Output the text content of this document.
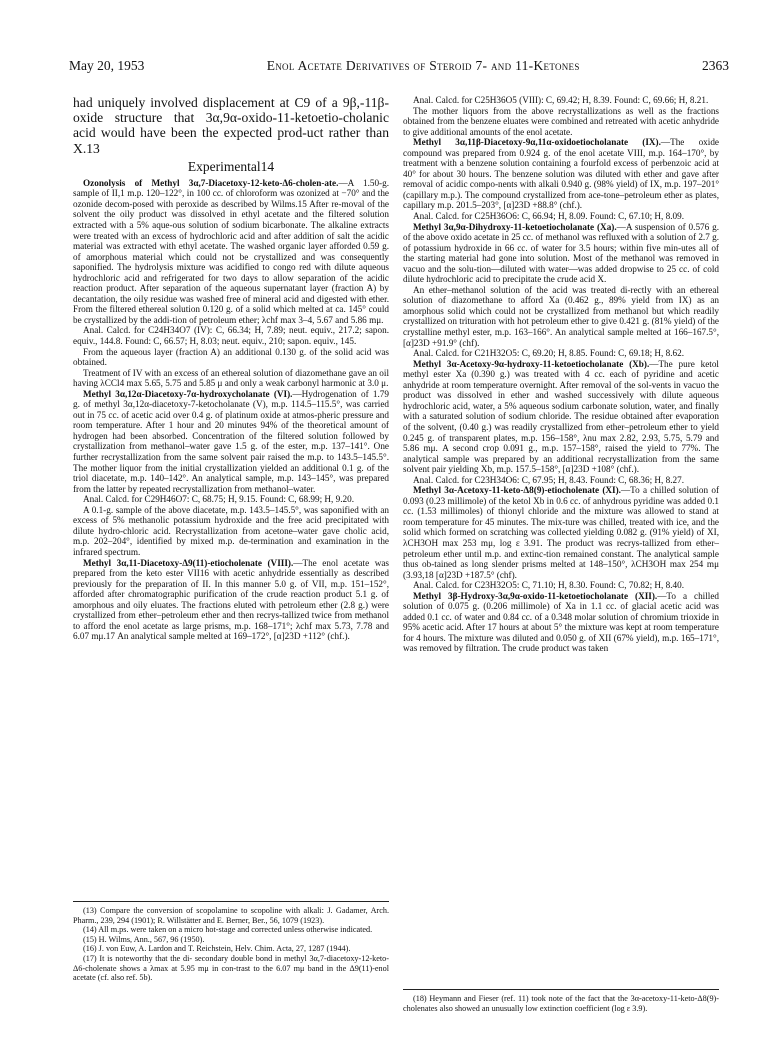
May 20, 1953	Enol Acetate Derivatives of Steroid 7- and 11-Ketones	2363

had uniquely involved displacement at C9 of a 9β,-11β-oxide structure that 3α,9α-oxido-11-ketoetio-cholanic acid would have been the expected prod-uct rather than X.13

Experimental14

Ozonolysis of Methyl 3α,7-Diacetoxy-12-keto-Δ6-cholen-ate.—A 1.50-g. sample of II,1 m.p. 120–122°, in 100 cc. of chloroform was ozonized at −70° and the ozonide decom-posed with peroxide as described by Wilms.15 After re-moval of the solvent the oily product was dissolved in ethyl acetate and the filtered solution extracted with a 5% aque-ous solution of sodium bicarbonate. The alkaline extracts were treated with an excess of hydrochloric acid and after addition of salt the acidic material was extracted with ethyl acetate. The washed organic layer afforded 0.59 g. of amorphous material which could not be crystallized and was consequently saponified. The hydrolysis mixture was acidified to congo red with dilute aqueous hydrochloric acid and refrigerated for two days to allow separation of the acidic reaction product. After separation of the aqueous supernatant layer (fraction A) by decantation, the oily residue was washed free of mineral acid and digested with ether. From the filtered ethereal solution 0.120 g. of a solid which melted at ca. 145° could be crystallized by the addi-tion of petroleum ether; λchf max 3–4, 5.67 and 5.86 mμ.

Anal. Calcd. for C24H34O7 (IV): C, 66.34; H, 7.89; neut. equiv., 217.2; sapon. equiv., 144.8. Found: C, 66.57; H, 8.03; neut. equiv., 210; sapon. equiv., 145.

From the aqueous layer (fraction A) an additional 0.130 g. of the solid acid was obtained.

Treatment of IV with an excess of an ethereal solution of diazomethane gave an oil having λCCl4 max 5.65, 5.75 and 5.85 μ and only a weak carbonyl harmonic at 3.0 μ.

Methyl 3α,12α-Diacetoxy-7α-hydroxycholanate (VI).—Hydrogenation of 1.79 g. of methyl 3α,12α-diacetoxy-7-ketocholanate (V), m.p. 114.5–115.5°, was carried out in 75 cc. of acetic acid over 0.4 g. of platinum oxide at atmos-pheric pressure and room temperature. After 1 hour and 20 minutes 94% of the theoretical amount of hydrogen had been absorbed. Concentration of the filtered solution followed by crystallization from methanol–water gave 1.5 g. of the ester, m.p. 137–141°. One further recrystallization from the same solvent pair raised the m.p. to 143.5–145.5°. The mother liquor from the initial crystallization yielded an additional 0.1 g. of the triol diacetate, m.p. 140–142°. An analytical sample, m.p. 143–145°, was prepared from the latter by repeated recrystallization from methanol–water.

Anal. Calcd. for C29H46O7: C, 68.75; H, 9.15. Found: C, 68.99; H, 9.20.

A 0.1-g. sample of the above diacetate, m.p. 143.5–145.5°, was saponified with an excess of 5% methanolic potassium hydroxide and the free acid precipitated with dilute hydro-chloric acid. Recrystallization from acetone–water gave cholic acid, m.p. 202–204°, identified by mixed m.p. de-termination and examination in the infrared spectrum.

Methyl 3α,11-Diacetoxy-Δ9(11)-etiocholenate (VIII).—The enol acetate was prepared from the keto ester VII16 with acetic anhydride essentially as described previously for the preparation of II. In this manner 5.0 g. of VII, m.p. 151–152°, afforded after chromatographic purification of the crude reaction product 5.1 g. of amorphous and oily eluates. The fractions eluted with petroleum ether (2.8 g.) were crystallized from ether–petroleum ether and then recrys-tallized twice from methanol to afford the enol acetate as large prisms, m.p. 168–171°; λchf max 5.73, 7.78 and 6.07 mμ.17 An analytical sample melted at 169–172°, [α]23D +112° (chf.).

(13) Compare the conversion of scopolamine to scopoline with alkali: J. Gadamer, Arch. Pharm., 239, 294 (1901); R. Willstätter and E. Berner, Ber., 56, 1079 (1923).

(14) All m.ps. were taken on a micro hot-stage and corrected unless otherwise indicated.

(15) H. Wilms, Ann., 567, 96 (1950).

(16) J. von Euw, A. Lardon and T. Reichstein, Helv. Chim. Acta, 27, 1287 (1944).

(17) It is noteworthy that the di- secondary double bond in methyl 3α,7-diacetoxy-12-keto-Δ6-cholenate shows a λmax at 5.95 mμ in con-trast to the 6.07 mμ band in the Δ9(11)-enol acetate (cf. also ref. 5b).

Anal. Calcd. for C25H36O5 (VIII): C, 69.42; H, 8.39. Found: C, 69.66; H, 8.21.

The mother liquors from the above recrystallizations as well as the fractions obtained from the benzene eluates were combined and retreated with acetic anhydride to give additional amounts of the enol acetate.

Methyl 3α,11β-Diacetoxy-9α,11α-oxidoetiocholanate (IX).—The oxide compound was prepared from 0.924 g. of the enol acetate VIII, m.p. 164–170°, by treatment with a benzene solution containing a fourfold excess of perbenzoic acid at 40° for about 30 hours. The benzene solution was diluted with ether and gave after removal of acidic compo-nents with alkali 0.940 g. (98% yield) of IX, m.p. 197–201° (capillary m.p.). The compound crystallized from ace-tone–petroleum ether as plates, capillary m.p. 201.5–203°, [α]23D +88.8° (chf.).

Anal. Calcd. for C25H36O6: C, 66.94; H, 8.09. Found: C, 67.10; H, 8.09.

Methyl 3α,9α-Dihydroxy-11-ketoetiocholanate (Xa).—A suspension of 0.576 g. of the above oxido acetate in 25 cc. of methanol was refluxed with a solution of 2.7 g. of potassium hydroxide in 66 cc. of water for 3.5 hours; within five min-utes all of the starting material had gone into solution. Most of the methanol was removed in vacuo and the solu-tion—diluted with water—was added dropwise to 25 cc. of cold dilute hydrochloric acid to precipitate the crude acid X.

An ether–methanol solution of the acid was treated di-rectly with an ethereal solution of diazomethane to afford Xa (0.462 g., 89% yield from IX) as an amorphous solid which could not be crystallized from methanol but which readily crystallized on trituration with hot petroleum ether to give 0.421 g. (81% yield) of the crystalline methyl ester, m.p. 163–166°. An analytical sample melted at 166–167.5°, [α]23D +91.9° (chf).

Anal. Calcd. for C21H32O5: C, 69.20; H, 8.85. Found: C, 69.18; H, 8.62.

Methyl 3α-Acetoxy-9α-hydroxy-11-ketoetiocholanate (Xb).—The pure ketol methyl ester Xa (0.390 g.) was treated with 4 cc. each of pyridine and acetic anhydride at room temperature overnight. After removal of the sol-vents in vacuo the product was dissolved in ether and washed successively with dilute aqueous hydrochloric acid, water, a 5% aqueous sodium carbonate solution, water, and finally with a saturated solution of sodium chloride. The residue obtained after evaporation of the solvent, (0.40 g.) was readily crystallized from ether–petroleum ether to yield 0.245 g. of transparent plates, m.p. 156–158°, λnu max 2.82, 2.93, 5.75, 5.79 and 5.86 mμ. A second crop 0.091 g., m.p. 157–158°, raised the yield to 77%. The analytical sample was prepared by an additional recrystallization from the same solvent pair yielding Xb, m.p. 157.5–158°, [α]23D +108° (chf.).

Anal. Calcd. for C23H34O6: C, 67.95; H, 8.43. Found: C, 68.36; H, 8.27.

Methyl 3α-Acetoxy-11-keto-Δ8(9)-etiocholenate (XI).—To a chilled solution of 0.093 (0.23 millimole) of the ketol Xb in 0.6 cc. of anhydrous pyridine was added 0.1 cc. (1.53 millimoles) of thionyl chloride and the mixture was allowed to stand at room temperature for 45 minutes. The mix-ture was chilled, treated with ice, and the solid which formed on scratching was collected yielding 0.082 g. (91% yield) of XI, λCH3OH max 253 mμ, log ε 3.91. The product was recrys-tallized from ether–petroleum ether until m.p. and extinc-tion remained constant. The analytical sample thus ob-tained as long slender prisms melted at 148–150°, λCH3OH max 254 mμ (3.93,18 [α]23D +187.5° (chf).

Anal. Calcd. for C23H32O5: C, 71.10; H, 8.30. Found: C, 70.82; H, 8.40.

Methyl 3β-Hydroxy-3α,9α-oxido-11-ketoetiocholanate (XII).—To a chilled solution of 0.075 g. (0.206 millimole) of Xa in 1.1 cc. of glacial acetic acid was added 0.1 cc. of water and 0.84 cc. of a 0.348 molar solution of chromium trioxide in 95% acetic acid. After 17 hours at about 5° the mixture was kept at room temperature for 4 hours. The mixture was diluted and 0.050 g. of XII (67% yield), m.p. 165–171°, was removed by filtration. The crude product was taken

(18) Heymann and Fieser (ref. 11) took note of the fact that the 3α-acetoxy-11-keto-Δ8(9)-cholenates also showed an unusually low extinction coefficient (log ε 3.9).
